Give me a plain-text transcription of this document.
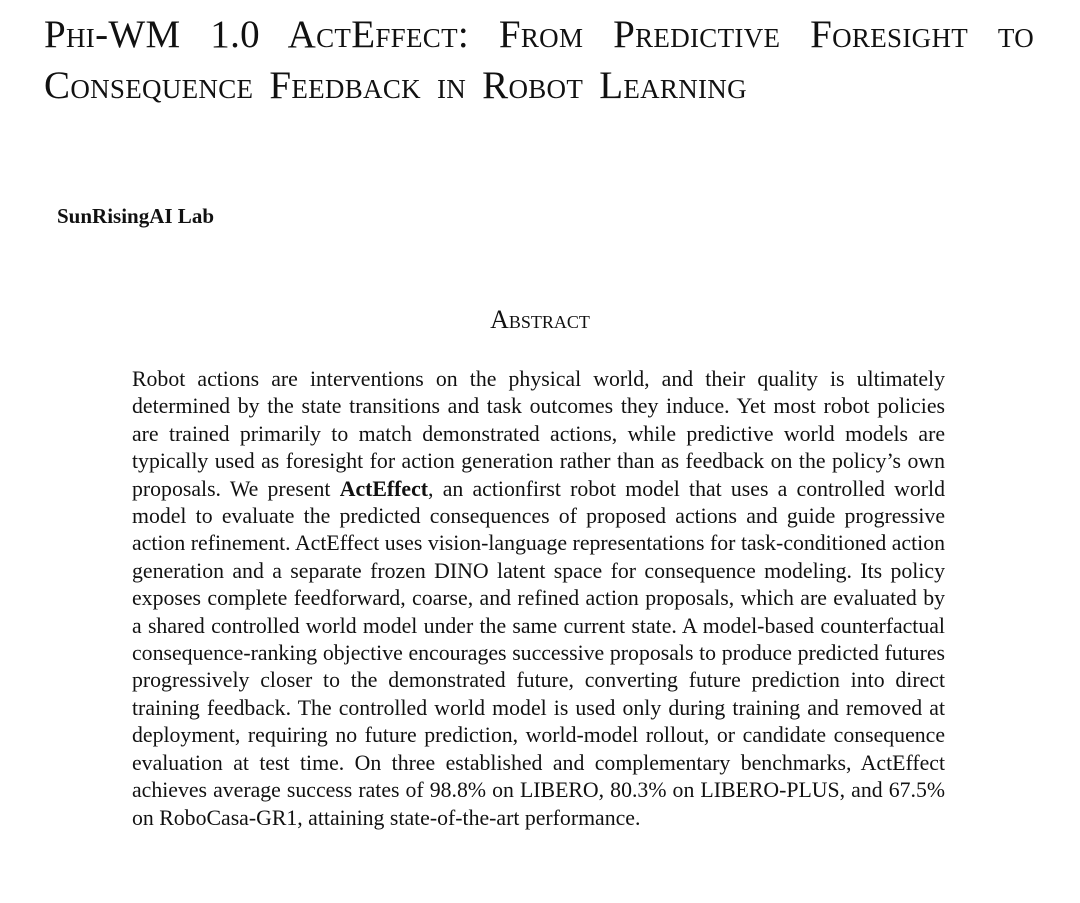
Phi-WM 1.0 ActEffect: From Predictive Foresight to Consequence Feedback in Robot Learning
SunRisingAI Lab
Abstract

Robot actions are interventions on the physical world, and their quality is ultimately determined by the state transitions and task outcomes they induce. Yet most robot policies are trained primarily to match demonstrated actions, while predictive world models are typically used as foresight for action generation rather than as feedback on the policy’s own proposals. We present ActEffect, an actionfirst robot model that uses a controlled world model to evaluate the predicted consequences of proposed actions and guide progressive action refinement. ActEffect uses vision-language representations for task-conditioned action generation and a separate frozen DINO latent space for consequence modeling. Its policy exposes complete feedforward, coarse, and refined action proposals, which are evaluated by a shared controlled world model under the same current state. A model-based counterfactual consequence-ranking objective encourages successive proposals to produce predicted futures progressively closer to the demonstrated future, converting future prediction into direct training feedback. The controlled world model is used only during training and removed at deployment, requiring no future prediction, world-model rollout, or candidate consequence evaluation at test time. On three established and complementary benchmarks, ActEffect achieves average success rates of 98.8% on LIBERO, 80.3% on LIBERO-PLUS, and 67.5% on RoboCasa-GR1, attaining state-of-the-art performance.
